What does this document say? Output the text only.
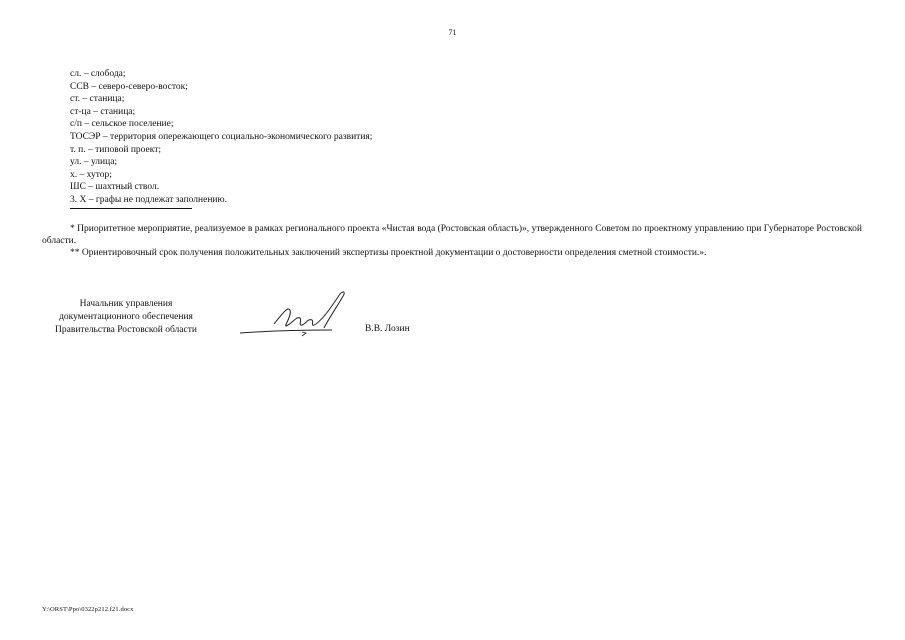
71
сл. – слобода;
ССВ – северо-северо-восток;
ст. – станица;
ст-ца – станица;
с/п – сельское поселение;
ТОСЭР – территория опережающего социально-экономического развития;
т. п. – типовой проект;
ул. – улица;
х. – хутор;
ШС – шахтный ствол.
3. Х – графы не подлежат заполнению.

* Приоритетное мероприятие, реализуемое в рамках регионального проекта «Чистая вода (Ростовская область)», утвержденного Советом по проектному управлению при Губернаторе Ростовской области.

** Ориентировочный срок получения положительных заключений экспертизы проектной документации о достоверности определения сметной стоимости.».

Начальник управления
документационного обеспечения
Правительства Ростовской области	В.В. Лозин
Y:\ORST\Ppo\0322p212.f21.docx
